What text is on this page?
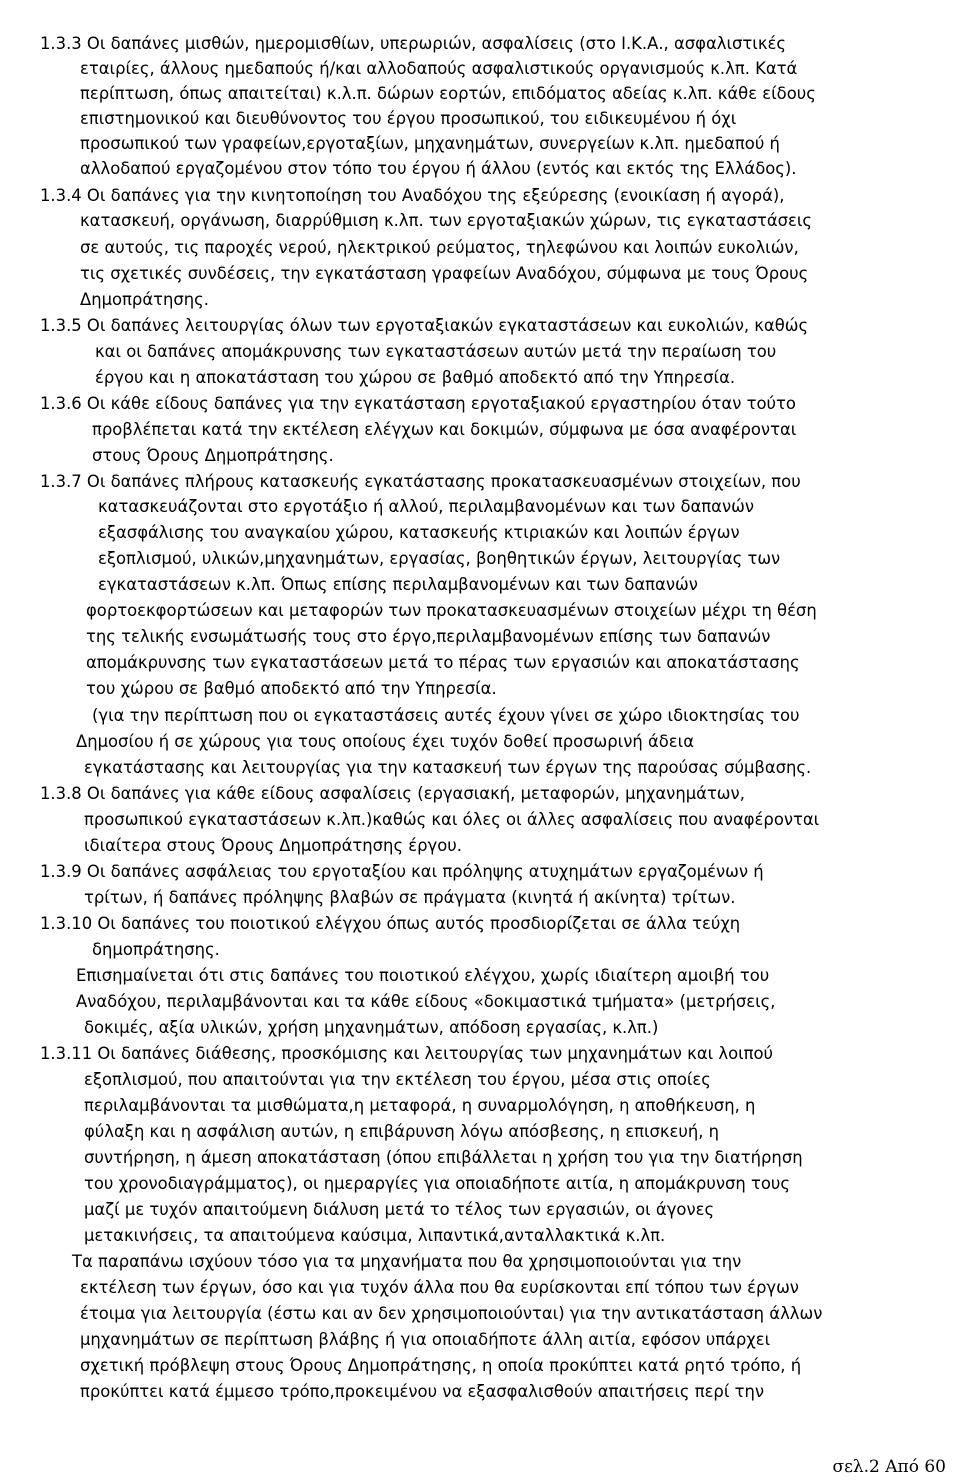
1.3.3 Οι δαπάνες μισθών, ημερομισθίων, υπερωριών, ασφαλίσεις (στο Ι.Κ.Α., ασφαλιστικές
εταιρίες, άλλους ημεδαπούς ή/και αλλοδαπούς ασφαλιστικούς οργανισμούς κ.λπ. Κατά
περίπτωση, όπως απαιτείται) κ.λ.π. δώρων εορτών, επιδόματος αδείας κ.λπ. κάθε είδους
επιστημονικού και διευθύνοντος του έργου προσωπικού, του ειδικευμένου ή όχι
προσωπικού των γραφείων,εργοταξίων, μηχανημάτων, συνεργείων κ.λπ. ημεδαπού ή
αλλοδαπού εργαζομένου στον τόπο του έργου ή άλλου (εντός και εκτός της Ελλάδος).
1.3.4 Οι δαπάνες για την κινητοποίηση του Αναδόχου της εξεύρεσης (ενοικίαση ή αγορά),
κατασκευή, οργάνωση, διαρρύθμιση κ.λπ. των εργοταξιακών χώρων, τις εγκαταστάσεις
σε αυτούς, τις παροχές νερού, ηλεκτρικού ρεύματος, τηλεφώνου και λοιπών ευκολιών,
τις σχετικές συνδέσεις, την εγκατάσταση γραφείων Αναδόχου, σύμφωνα με τους Όρους
Δημοπράτησης.
1.3.5 Οι δαπάνες λειτουργίας όλων των εργοταξιακών εγκαταστάσεων και ευκολιών, καθώς
και οι δαπάνες απομάκρυνσης των εγκαταστάσεων αυτών μετά την περαίωση του
έργου και η αποκατάσταση του χώρου σε βαθμό αποδεκτό από την Υπηρεσία.
1.3.6 Οι κάθε είδους δαπάνες για την εγκατάσταση εργοταξιακού εργαστηρίου όταν τούτο
προβλέπεται κατά την εκτέλεση ελέγχων και δοκιμών, σύμφωνα με όσα αναφέρονται
στους Όρους Δημοπράτησης.
1.3.7 Οι δαπάνες πλήρους κατασκευής εγκατάστασης προκατασκευασμένων στοιχείων, που
κατασκευάζονται στο εργοτάξιο ή αλλού, περιλαμβανομένων και των δαπανών
εξασφάλισης του αναγκαίου χώρου, κατασκευής κτιριακών και λοιπών έργων
εξοπλισμού, υλικών,μηχανημάτων, εργασίας, βοηθητικών έργων, λειτουργίας των
εγκαταστάσεων κ.λπ. Όπως επίσης περιλαμβανομένων και των δαπανών
φορτοεκφορτώσεων και μεταφορών των προκατασκευασμένων στοιχείων μέχρι τη θέση
της τελικής ενσωμάτωσής τους στο έργο,περιλαμβανομένων επίσης των δαπανών
απομάκρυνσης των εγκαταστάσεων μετά το πέρας των εργασιών και αποκατάστασης
του χώρου σε βαθμό αποδεκτό από την Υπηρεσία.
(για την περίπτωση που οι εγκαταστάσεις αυτές έχουν γίνει σε χώρο ιδιοκτησίας του
Δημοσίου ή σε χώρους για τους οποίους έχει τυχόν δοθεί προσωρινή άδεια
εγκατάστασης και λειτουργίας για την κατασκευή των έργων της παρούσας σύμβασης.
1.3.8 Οι δαπάνες για κάθε είδους ασφαλίσεις (εργασιακή, μεταφορών, μηχανημάτων,
προσωπικού εγκαταστάσεων κ.λπ.)καθώς και όλες οι άλλες ασφαλίσεις που αναφέρονται
ιδιαίτερα στους Όρους Δημοπράτησης έργου.
1.3.9 Οι δαπάνες ασφάλειας του εργοταξίου και πρόληψης ατυχημάτων εργαζομένων ή
τρίτων, ή δαπάνες πρόληψης βλαβών σε πράγματα (κινητά ή ακίνητα) τρίτων.
1.3.10 Οι δαπάνες του ποιοτικού ελέγχου όπως αυτός προσδιορίζεται σε άλλα τεύχη
δημοπράτησης.
Επισημαίνεται ότι στις δαπάνες του ποιοτικού ελέγχου, χωρίς ιδιαίτερη αμοιβή του
Αναδόχου, περιλαμβάνονται και τα κάθε είδους «δοκιμαστικά τμήματα» (μετρήσεις,
δοκιμές, αξία υλικών, χρήση μηχανημάτων, απόδοση εργασίας, κ.λπ.)
1.3.11 Οι δαπάνες διάθεσης, προσκόμισης και λειτουργίας των μηχανημάτων και λοιπού
εξοπλισμού, που απαιτούνται για την εκτέλεση του έργου, μέσα στις οποίες
περιλαμβάνονται τα μισθώματα,η μεταφορά, η συναρμολόγηση, η αποθήκευση, η
φύλαξη και η ασφάλιση αυτών, η επιβάρυνση λόγω απόσβεσης, η επισκευή, η
συντήρηση, η άμεση αποκατάσταση (όπου επιβάλλεται η χρήση του για την διατήρηση
του χρονοδιαγράμματος), οι ημεραργίες για οποιαδήποτε αιτία, η απομάκρυνση τους
μαζί με τυχόν απαιτούμενη διάλυση μετά το τέλος των εργασιών, οι άγονες
μετακινήσεις, τα απαιτούμενα καύσιμα, λιπαντικά,ανταλλακτικά κ.λπ.
Τα παραπάνω ισχύουν τόσο για τα μηχανήματα που θα χρησιμοποιούνται για την
εκτέλεση των έργων, όσο και για τυχόν άλλα που θα ευρίσκονται επί τόπου των έργων
έτοιμα για λειτουργία (έστω και αν δεν χρησιμοποιούνται) για την αντικατάσταση άλλων
μηχανημάτων σε περίπτωση βλάβης ή για οποιαδήποτε άλλη αιτία, εφόσον υπάρχει
σχετική πρόβλεψη στους Όρους Δημοπράτησης, η οποία προκύπτει κατά ρητό τρόπο, ή
προκύπτει κατά έμμεσο τρόπο,προκειμένου να εξασφαλισθούν απαιτήσεις περί την
σελ.2 Από 60
